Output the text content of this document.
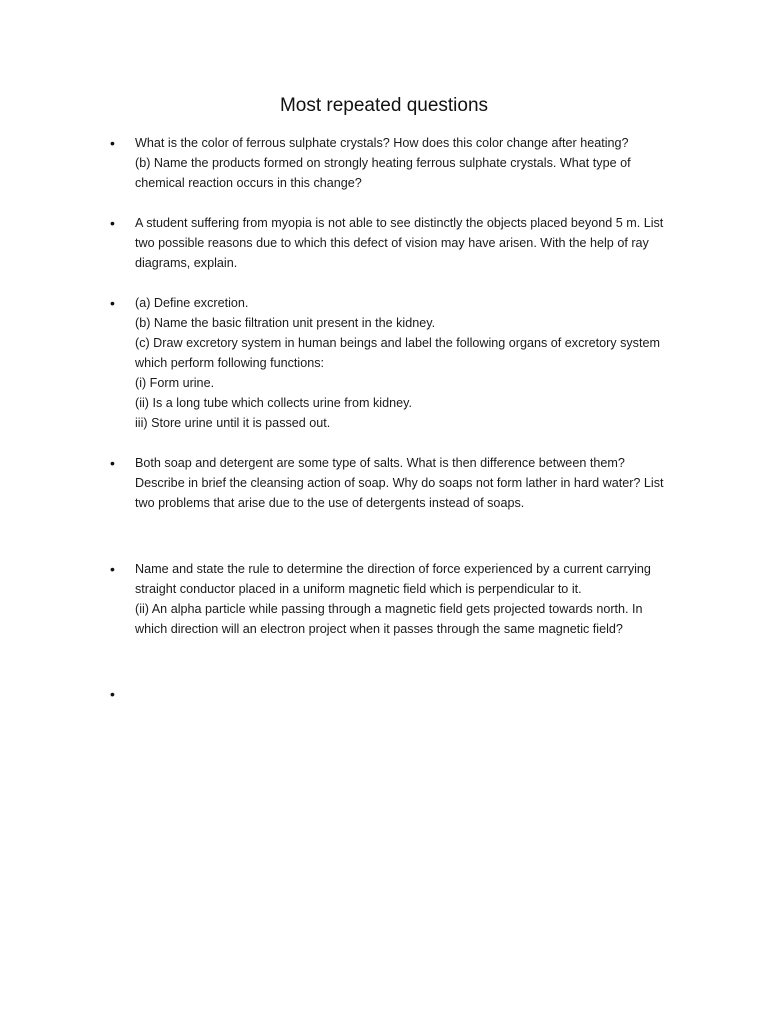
Most repeated questions
•	What is the color of ferrous sulphate crystals? How does this color change after heating?
(b) Name the products formed on strongly heating ferrous sulphate crystals. What type of
chemical reaction occurs in this change?
•	A student suffering from myopia is not able to see distinctly the objects placed beyond 5 m. List
two possible reasons due to which this defect of vision may have arisen. With the help of ray
diagrams, explain.
•	(a) Define excretion.
(b) Name the basic filtration unit present in the kidney.
(c) Draw excretory system in human beings and label the following organs of excretory system
which perform following functions:
(i) Form urine.
(ii) Is a long tube which collects urine from kidney.
iii) Store urine until it is passed out.
•	Both soap and detergent are some type of salts. What is then difference between them?
Describe in brief the cleansing action of soap. Why do soaps not form lather in hard water? List
two problems that arise due to the use of detergents instead of soaps.
•	Name and state the rule to determine the direction of force experienced by a current carrying
straight conductor placed in a uniform magnetic field which is perpendicular to it.
(ii) An alpha particle while passing through a magnetic field gets projected towards north. In
which direction will an electron project when it passes through the same magnetic field?
•
